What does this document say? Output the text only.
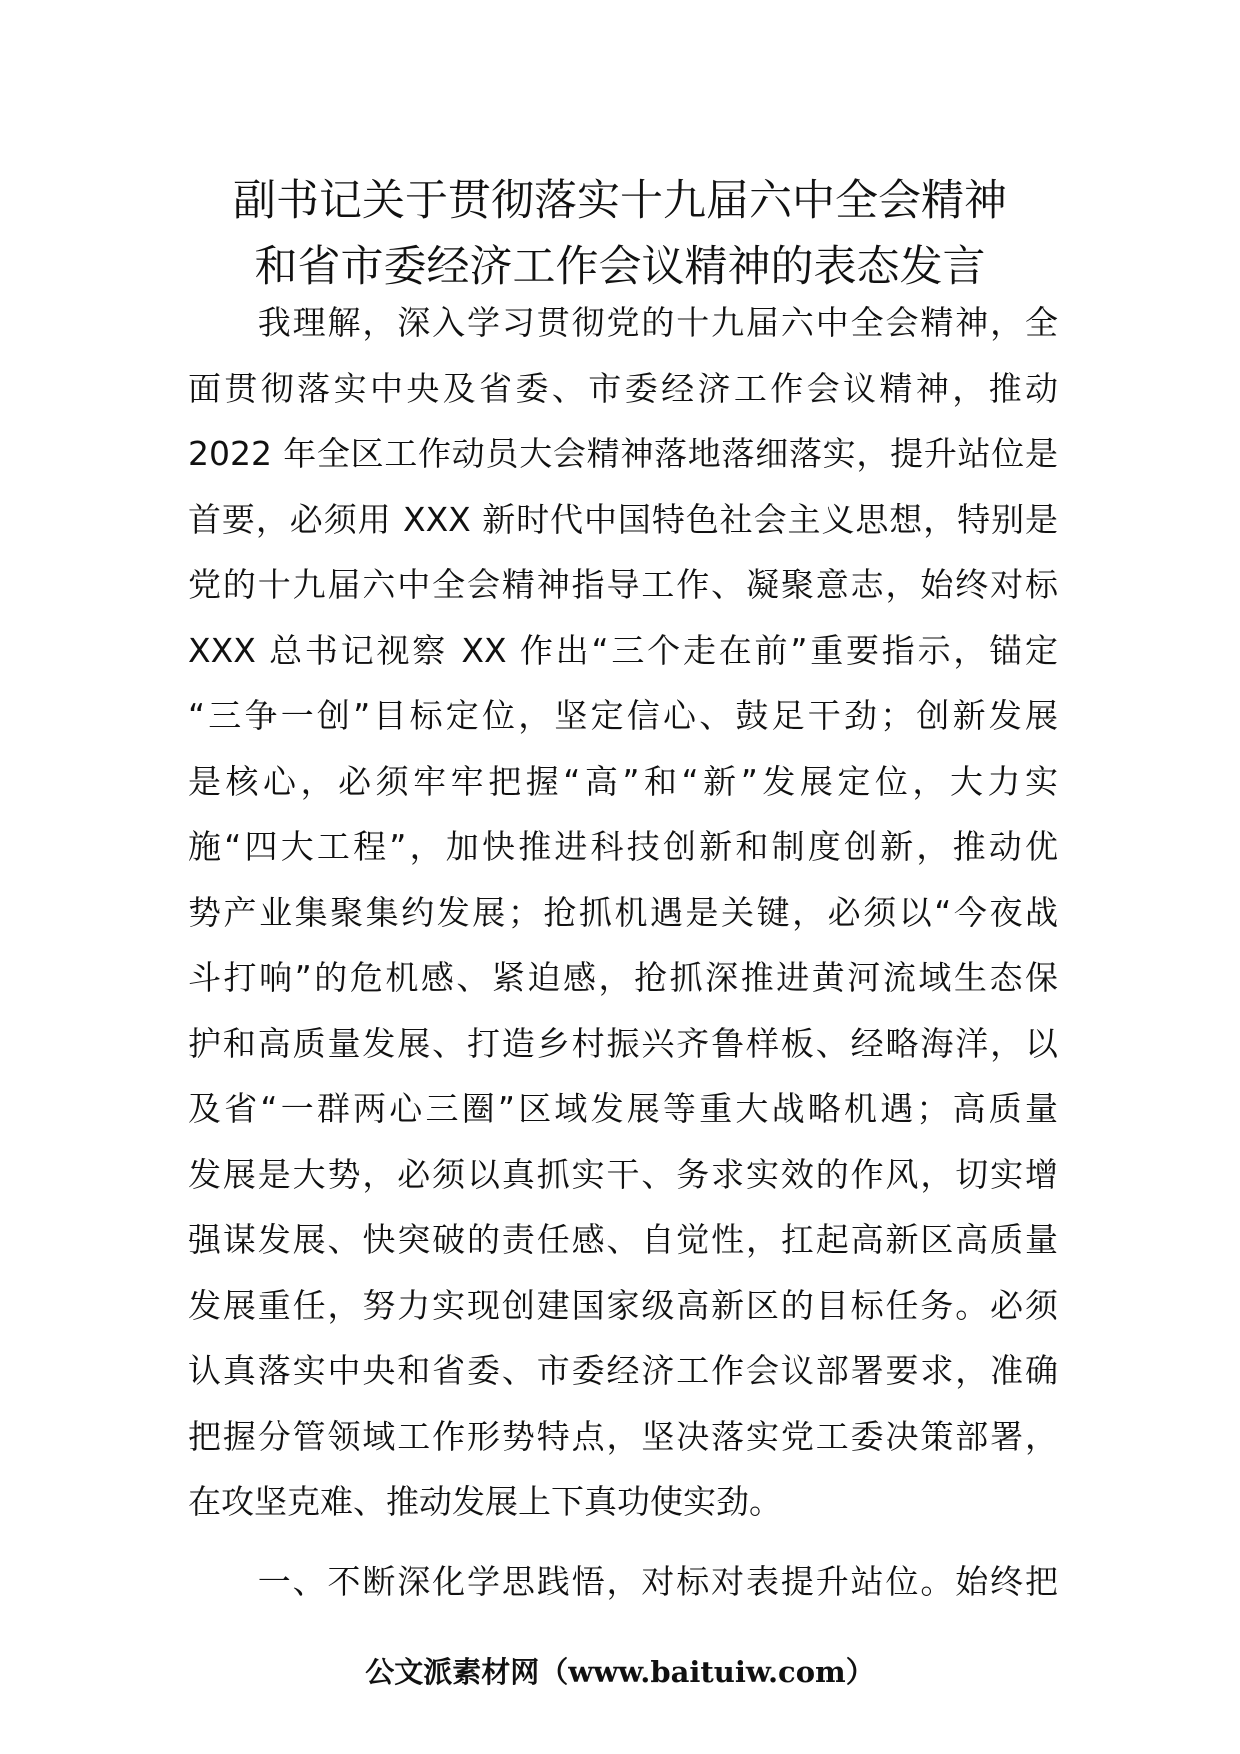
副书记关于贯彻落实十九届六中全会精神
和省市委经济工作会议精神的表态发言
　　我理解，深入学习贯彻党的十九届六中全会精神，全
面贯彻落实中央及省委、市委经济工作会议精神，推动
2022 年全区工作动员大会精神落地落细落实，提升站位是
首要，必须用 XXX 新时代中国特色社会主义思想，特别是
党的十九届六中全会精神指导工作、凝聚意志，始终对标
XXX 总书记视察 XX 作出“三个走在前”重要指示，锚定
“三争一创”目标定位，坚定信心、鼓足干劲；创新发展
是核心，必须牢牢把握“高”和“新”发展定位，大力实
施“四大工程”，加快推进科技创新和制度创新，推动优
势产业集聚集约发展；抢抓机遇是关键，必须以“今夜战
斗打响”的危机感、紧迫感，抢抓深推进黄河流域生态保
护和高质量发展、打造乡村振兴齐鲁样板、经略海洋，以
及省“一群两心三圈”区域发展等重大战略机遇；高质量
发展是大势，必须以真抓实干、务求实效的作风，切实增
强谋发展、快突破的责任感、自觉性，扛起高新区高质量
发展重任，努力实现创建国家级高新区的目标任务。必须
认真落实中央和省委、市委经济工作会议部署要求，准确
把握分管领域工作形势特点，坚决落实党工委决策部署，
在攻坚克难、推动发展上下真功使实劲。
　　一、不断深化学思践悟，对标对表提升站位。始终把
公文派素材网（www.baituiw.com）
